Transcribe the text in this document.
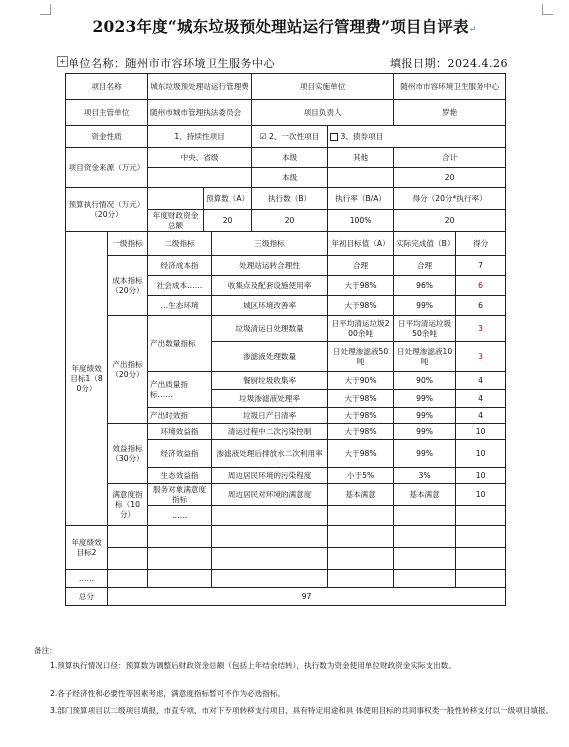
2023年度“城东垃圾预处理站运行管理费”项目自评表↵
+ 单位名称：随州市市容环境卫生服务中心	填报日期：2024.4.26
项目名称		城东垃圾预处理站运行管理费			项目实施单位		随州市市容环境卫生服务中心	
项目主管单位		随州市城市管理执法委员会			项目负责人		罗艳	
资金性质		1、持续性项目			☑ 2、一次性项目	3、债券项目		
项目资金来源（万元）		中央、省级			本级	其他	合计	
					本级		20	
预算执行情况（万元）（20分）			预算数（A）		执行数（B）	执行率（B/A）	得分（20分*执行率）	
		年度财政资金总额	20		20	100%	20	
年度绩效目标1（80分）	一级指标	二级指标		三级指标		年初目标值（A）	实际完成值（B）	得分
	成本指标（20分）	经济成本指		处理站运转合理性		合理	合理	7
		社会成本……		收集点及配套设施使用率		大于98%	96%	6
		…生态环境		城区环境改善率		大于98%	99%	6
	产出指标（20分）	产出数量指标		垃圾清运日处理数量		日平均清运垃圾200余吨	日平均清运垃圾50余吨	3
				渗滤液处理数量		日处理渗滤液50吨	日处理渗滤液10吨	3
		产出质量指标……		餐厨垃圾收集率		大于90%	90%	4
				垃圾渗滤液处理率		大于98%	99%	4
		产出时效指		垃圾日产日清率		大于98%	99%	4
	效益指标（30分）	环境效益指		清运过程中二次污染控制		大于98%	99%	10
		经济效益指		渗滤液处理后排放水二次利用率		大于98%	99%	10
		生态效益指		周边居民环境的污染程度		小于5%	3%	10
	满意度指标（10分）	服务对象满意度指标		周边居民对环境的满意度		基本满意	基本满意	10
		……						
年度绩效目标2								

……								
总分	97							
备注：

1.预算执行情况口径：预算数为调整后财政资金总额（包括上年结余结转），执行数为资金使用单位财政资金实际支出数。

2.各子经济性和必要性等因素考虑，满意度指标暂可不作为必选指标。

3.部门预算项目以二级项目填报，市直专项、市对下专项转移支付项目、具有特定用途和具 体使用目标的共同事权类一般性转移支付以一级项目填报。
